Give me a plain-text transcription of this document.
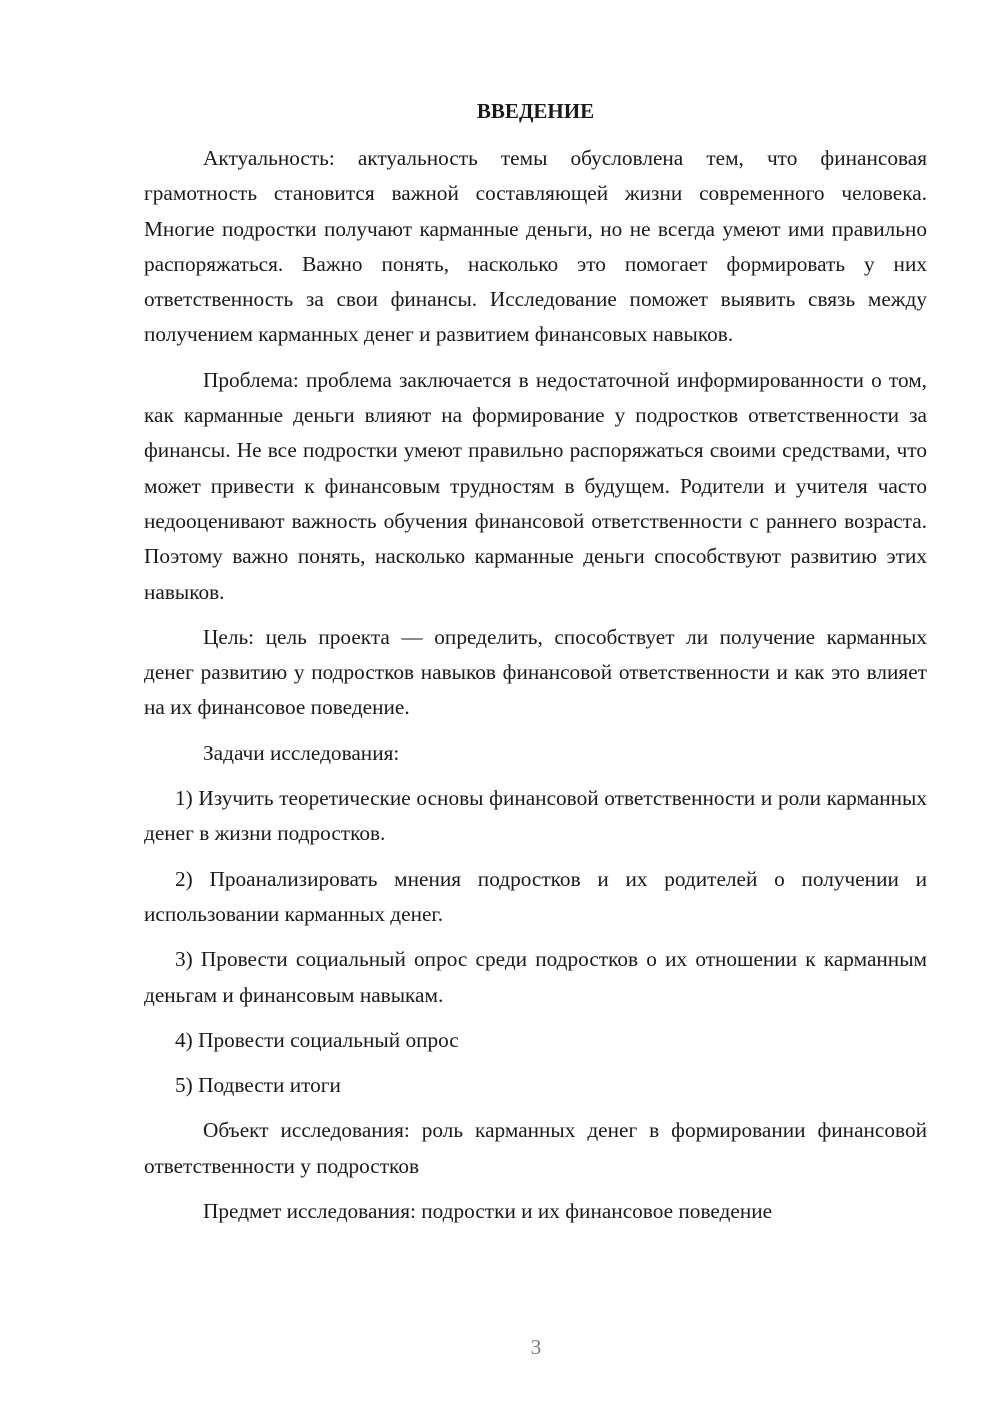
ВВЕДЕНИЕ

Актуальность: актуальность темы обусловлена тем, что финансовая грамотность становится важной составляющей жизни современного человека. Многие подростки получают карманные деньги, но не всегда умеют ими правильно распоряжаться. Важно понять, насколько это помогает формировать у них ответственность за свои финансы. Исследование поможет выявить связь между получением карманных денег и развитием финансовых навыков.

Проблема: проблема заключается в недостаточной информированности о том, как карманные деньги влияют на формирование у подростков ответственности за финансы. Не все подростки умеют правильно распоряжаться своими средствами, что может привести к финансовым трудностям в будущем. Родители и учителя часто недооценивают важность обучения финансовой ответственности с раннего возраста. Поэтому важно понять, насколько карманные деньги способствуют развитию этих навыков.

Цель: цель проекта — определить, способствует ли получение карманных денег развитию у подростков навыков финансовой ответственности и как это влияет на их финансовое поведение.

Задачи исследования:

1) Изучить теоретические основы финансовой ответственности и роли карманных денег в жизни подростков.

2) Проанализировать мнения подростков и их родителей о получении и использовании карманных денег.

3) Провести социальный опрос среди подростков о их отношении к карманным деньгам и финансовым навыкам.

4) Провести социальный опрос

5) Подвести итоги

Объект исследования: роль карманных денег в формировании финансовой ответственности у подростков

Предмет исследования: подростки и их финансовое поведение

3
